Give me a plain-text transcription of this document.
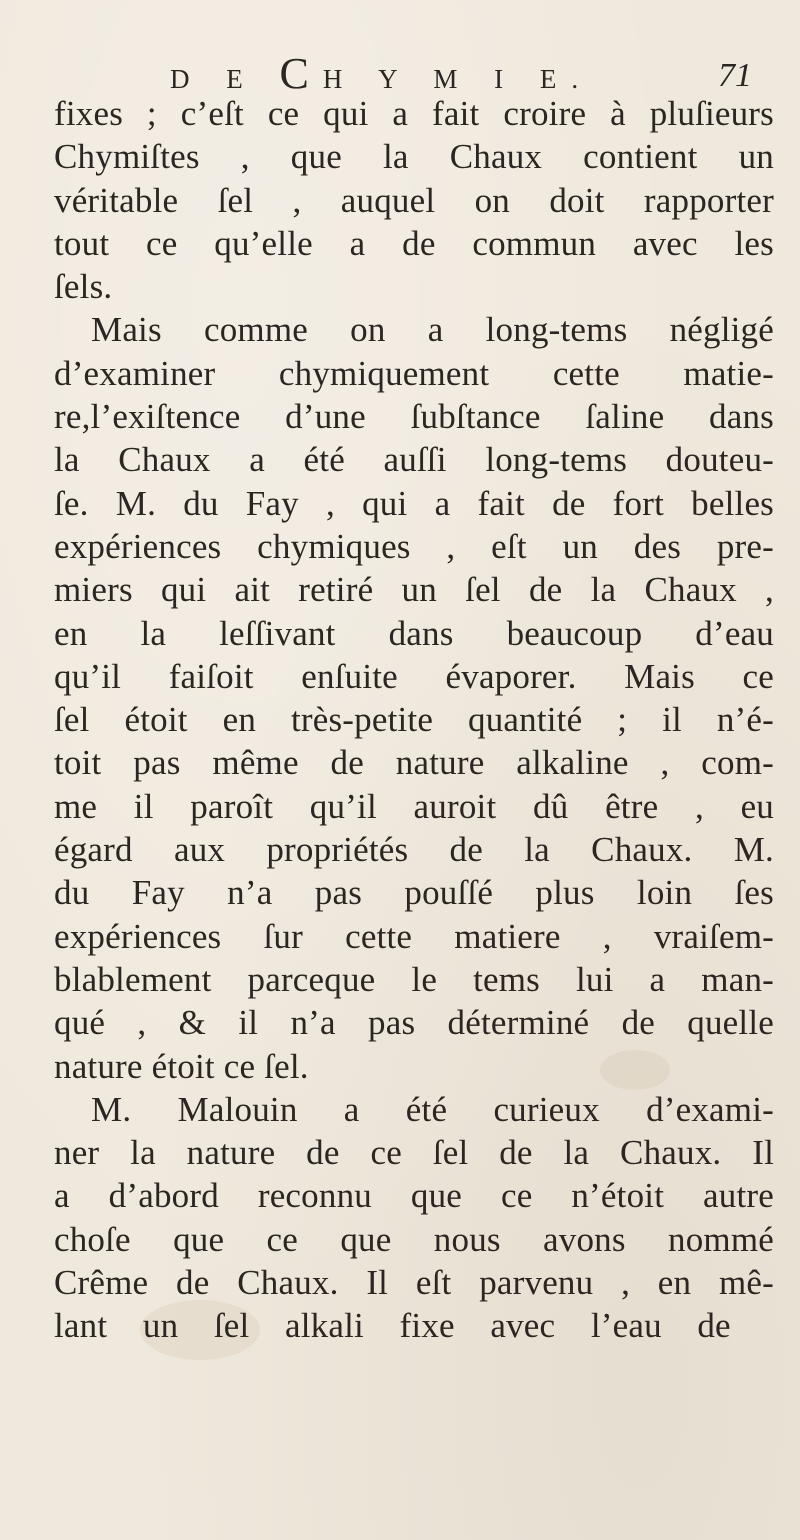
D E CH Y M I E.	71
fixes ; c’eſt ce qui a fait croire à pluſieurs
Chymiſtes , que la Chaux contient un
véritable ſel , auquel on doit rapporter
tout ce qu’elle a de commun avec les
ſels.
Mais comme on a long-tems négligé
d’examiner chymiquement cette matie-
re,l’exiſtence d’une ſubſtance ſaline dans
la Chaux a été auſſi long-tems douteu-
ſe. M. du Fay , qui a fait de fort belles
expériences chymiques , eſt un des pre-
miers qui ait retiré un ſel de la Chaux ,
en la leſſivant dans beaucoup d’eau
qu’il faiſoit enſuite évaporer. Mais ce
ſel étoit en très-petite quantité ; il n’é-
toit pas même de nature alkaline , com-
me il paroît qu’il auroit dû être , eu
égard aux propriétés de la Chaux. M.
du Fay n’a pas pouſſé plus loin ſes
expériences ſur cette matiere , vraiſem-
blablement parceque le tems lui a man-
qué , & il n’a pas déterminé de quelle
nature étoit ce ſel.
M. Malouin a été curieux d’exami-
ner la nature de ce ſel de la Chaux. Il
a d’abord reconnu que ce n’étoit autre
choſe que ce que nous avons nommé
Crême de Chaux. Il eſt parvenu , en mê-
lant un ſel alkali fixe avec l’eau de
